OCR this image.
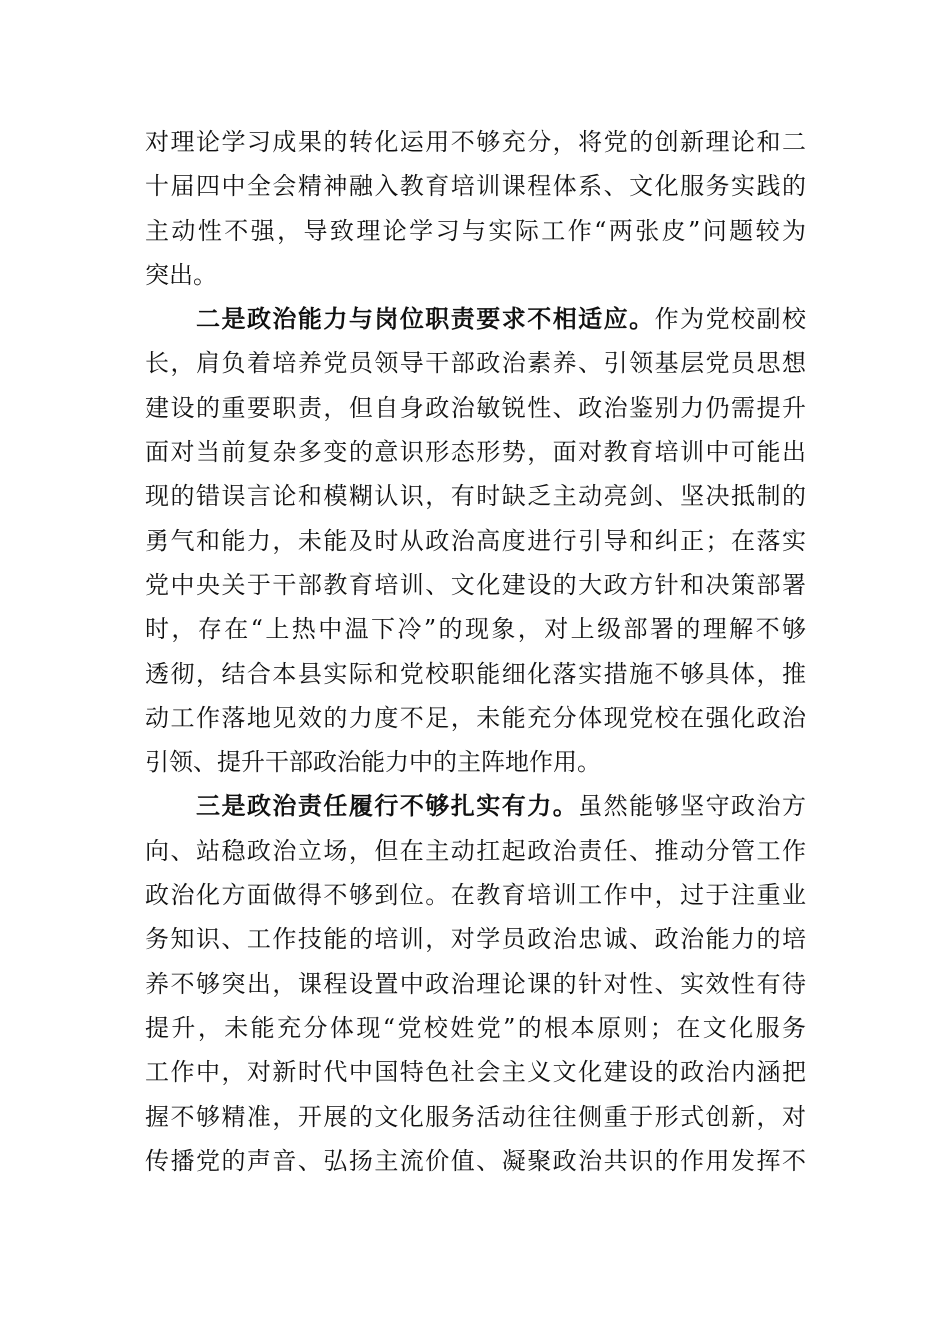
对理论学习成果的转化运用不够充分，将党的创新理论和二
十届四中全会精神融入教育培训课程体系、文化服务实践的
主动性不强，导致理论学习与实际工作“两张皮”问题较为
突出。
二是政治能力与岗位职责要求不相适应。作为党校副校
长，肩负着培养党员领导干部政治素养、引领基层党员思想
建设的重要职责，但自身政治敏锐性、政治鉴别力仍需提升
面对当前复杂多变的意识形态形势，面对教育培训中可能出
现的错误言论和模糊认识，有时缺乏主动亮剑、坚决抵制的
勇气和能力，未能及时从政治高度进行引导和纠正；在落实
党中央关于干部教育培训、文化建设的大政方针和决策部署
时，存在“上热中温下冷”的现象，对上级部署的理解不够
透彻，结合本县实际和党校职能细化落实措施不够具体，推
动工作落地见效的力度不足，未能充分体现党校在强化政治
引领、提升干部政治能力中的主阵地作用。
三是政治责任履行不够扎实有力。虽然能够坚守政治方
向、站稳政治立场，但在主动扛起政治责任、推动分管工作
政治化方面做得不够到位。在教育培训工作中，过于注重业
务知识、工作技能的培训，对学员政治忠诚、政治能力的培
养不够突出，课程设置中政治理论课的针对性、实效性有待
提升，未能充分体现“党校姓党”的根本原则；在文化服务
工作中，对新时代中国特色社会主义文化建设的政治内涵把
握不够精准，开展的文化服务活动往往侧重于形式创新，对
传播党的声音、弘扬主流价值、凝聚政治共识的作用发挥不
